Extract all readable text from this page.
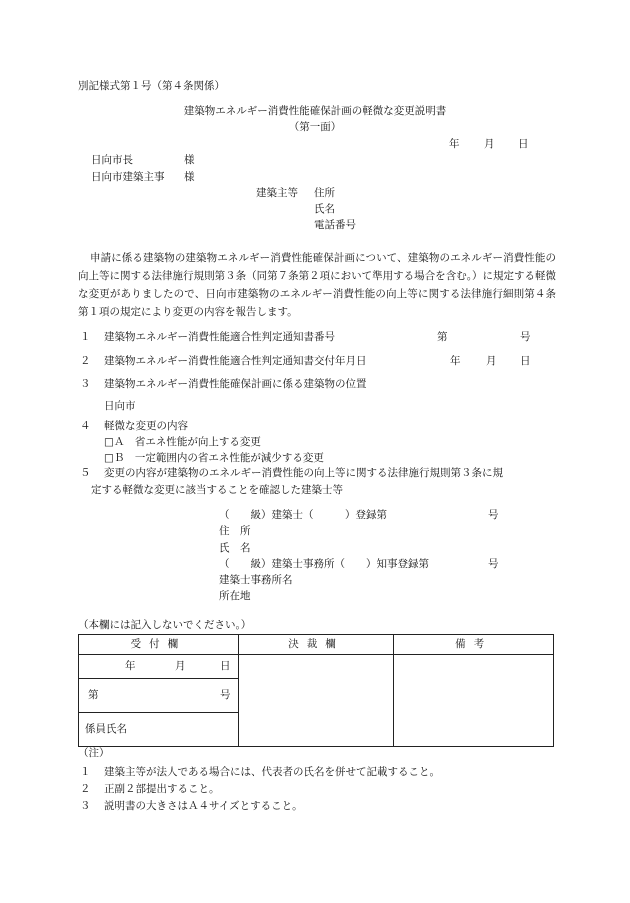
別記様式第１号（第４条関係）
建築物エネルギー消費性能確保計画の軽微な変更説明書
（第一面）
年 月 日
日向市長	様
日向市建築主事 様
建築主等 住所
氏名
電話番号
申請に係る建築物の建築物エネルギー消費性能確保計画について、建築物のエネルギー消費性能の向上等に関する法律施行規則第３条（同第７条第２項において準用する場合を含む。）に規定する軽微な変更がありましたので、日向市建築物のエネルギー消費性能の向上等に関する法律施行細則第４条第１項の規定により変更の内容を報告します。
１ 建築物エネルギー消費性能適合性判定通知書番号	第	号
２ 建築物エネルギー消費性能適合性判定通知書交付年月日	年 月 日
３ 建築物エネルギー消費性能確保計画に係る建築物の位置
日向市
４ 軽微な変更の内容
□Ａ　省エネ性能が向上する変更
□Ｂ　一定範囲内の省エネ性能が減少する変更
５ 変更の内容が建築物のエネルギー消費性能の向上等に関する法律施行規則第３条に規
定する軽微な変更に該当することを確認した建築士等
（　　級）建築士（　　　）登録第	号
住　所
氏　名
（　　級）建築士事務所（　　）知事登録第	号
建築士事務所名
所在地
（本欄には記入しないでください。）
受付欄	決裁欄	備考

年 月 日		

第 号		

係員氏名		
（注）
１ 建築主等が法人である場合には、代表者の氏名を併せて記載すること。
２ 正副２部提出すること。
３ 説明書の大きさはＡ４サイズとすること。
